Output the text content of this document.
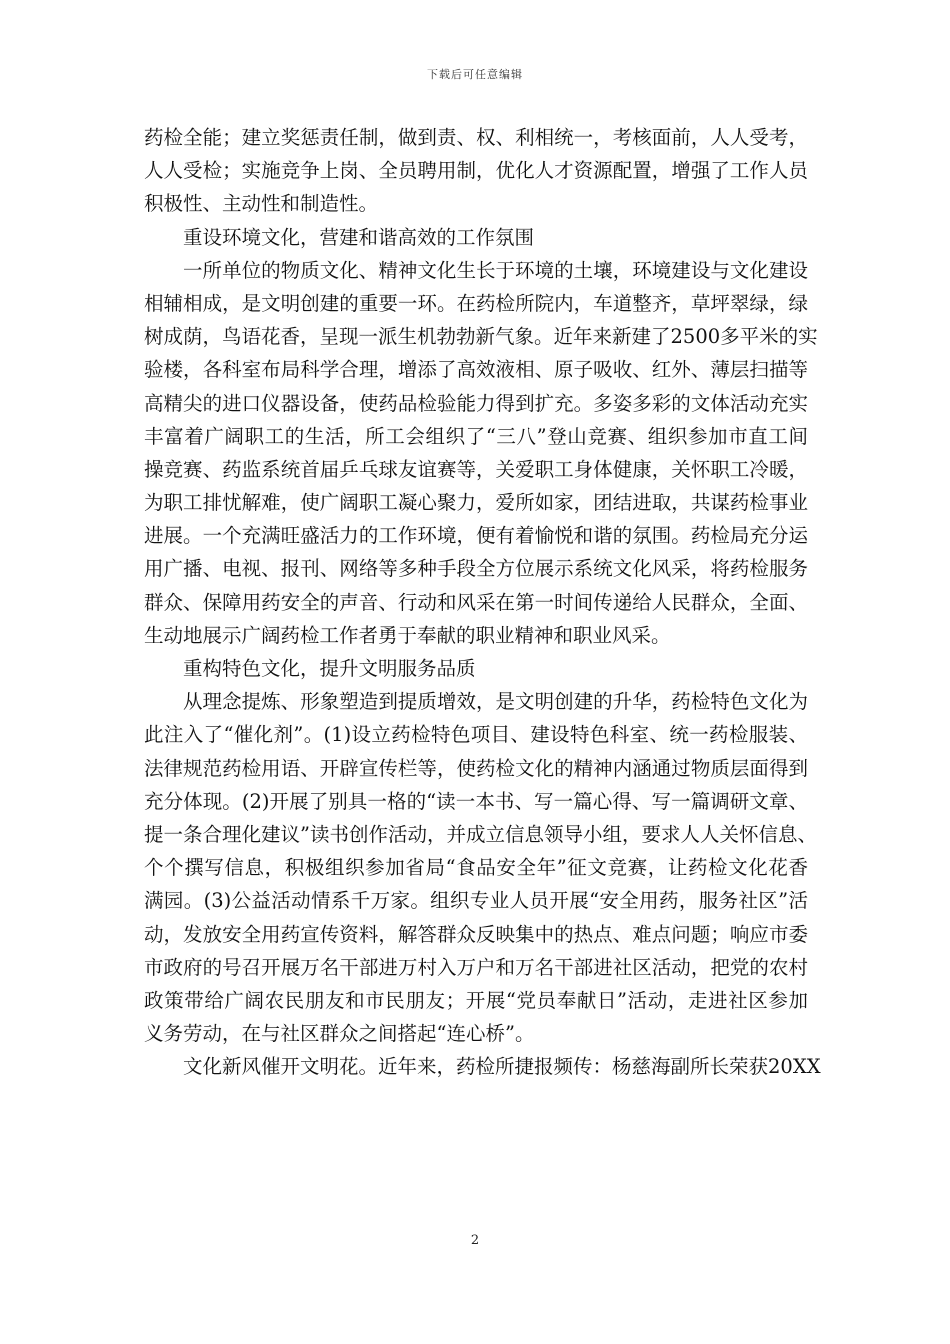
下载后可任意编辑
药检全能；建立奖惩责任制，做到责、权、利相统一，考核面前，人人受考，
人人受检；实施竞争上岗、全员聘用制，优化人才资源配置，增强了工作人员
积极性、主动性和制造性。
重设环境文化，营建和谐高效的工作氛围
一所单位的物质文化、精神文化生长于环境的土壤，环境建设与文化建设
相辅相成，是文明创建的重要一环。在药检所院内，车道整齐，草坪翠绿，绿
树成荫，鸟语花香，呈现一派生机勃勃新气象。近年来新建了2500多平米的实
验楼，各科室布局科学合理，增添了高效液相、原子吸收、红外、薄层扫描等
高精尖的进口仪器设备，使药品检验能力得到扩充。多姿多彩的文体活动充实
丰富着广阔职工的生活，所工会组织了“三八”登山竞赛、组织参加市直工间
操竞赛、药监系统首届乒乓球友谊赛等，关爱职工身体健康，关怀职工冷暖，
为职工排忧解难，使广阔职工凝心聚力，爱所如家，团结进取，共谋药检事业
进展。一个充满旺盛活力的工作环境，便有着愉悦和谐的氛围。药检局充分运
用广播、电视、报刊、网络等多种手段全方位展示系统文化风采，将药检服务
群众、保障用药安全的声音、行动和风采在第一时间传递给人民群众，全面、
生动地展示广阔药检工作者勇于奉献的职业精神和职业风采。
重构特色文化，提升文明服务品质
从理念提炼、形象塑造到提质增效，是文明创建的升华，药检特色文化为
此注入了“催化剂”。(1)设立药检特色项目、建设特色科室、统一药检服装、
法律规范药检用语、开辟宣传栏等，使药检文化的精神内涵通过物质层面得到
充分体现。(2)开展了别具一格的“读一本书、写一篇心得、写一篇调研文章、
提一条合理化建议”读书创作活动，并成立信息领导小组，要求人人关怀信息、
个个撰写信息，积极组织参加省局“食品安全年”征文竞赛，让药检文化花香
满园。(3)公益活动情系千万家。组织专业人员开展“安全用药，服务社区”活
动，发放安全用药宣传资料，解答群众反映集中的热点、难点问题；响应市委
市政府的号召开展万名干部进万村入万户和万名干部进社区活动，把党的农村
政策带给广阔农民朋友和市民朋友；开展“党员奉献日”活动，走进社区参加
义务劳动，在与社区群众之间搭起“连心桥”。
文化新风催开文明花。近年来，药检所捷报频传：杨慈海副所长荣获20XX
2
